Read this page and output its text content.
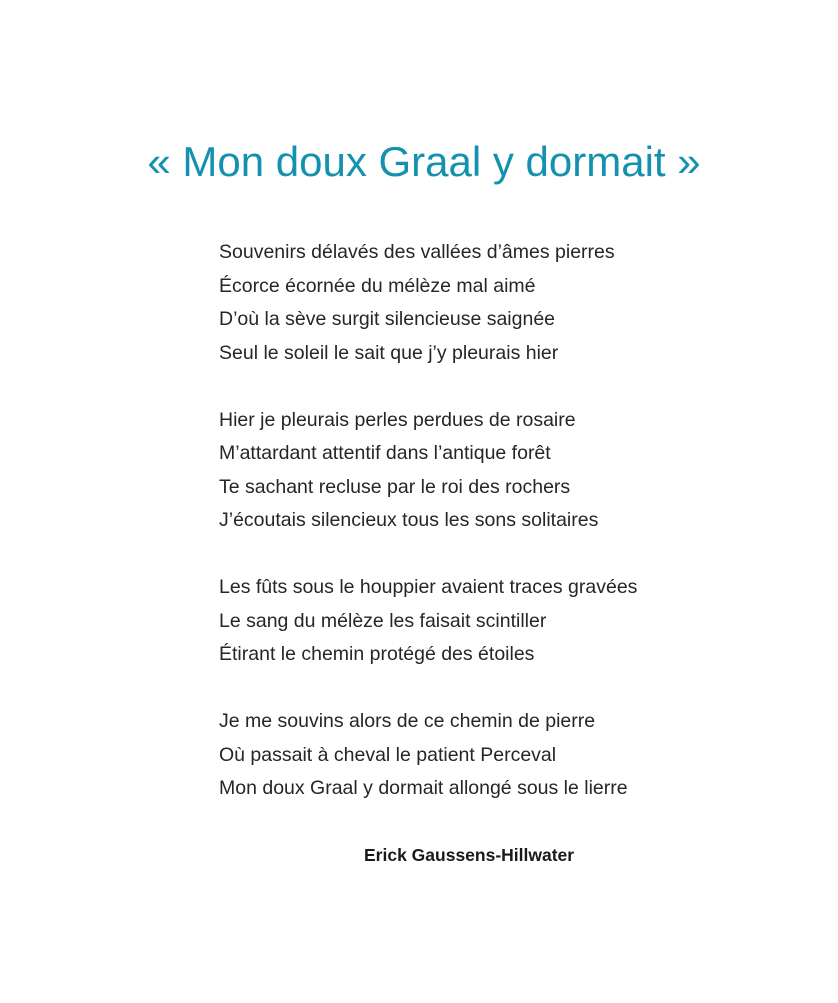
« Mon doux Graal y dormait »
Souvenirs délavés des vallées d’âmes pierres
Écorce écornée du mélèze mal aimé
D’où la sève surgit silencieuse saignée
Seul le soleil le sait que j’y pleurais hier
Hier je pleurais perles perdues de rosaire
M’attardant attentif dans l’antique forêt
Te sachant recluse par le roi des rochers
J’écoutais silencieux tous les sons solitaires
Les fûts sous le houppier avaient traces gravées
Le sang du mélèze les faisait scintiller
Étirant le chemin protégé des étoiles
Je me souvins alors de ce chemin de pierre
Où passait à cheval le patient Perceval
Mon doux Graal y dormait allongé sous le lierre
Erick Gaussens-Hillwater
